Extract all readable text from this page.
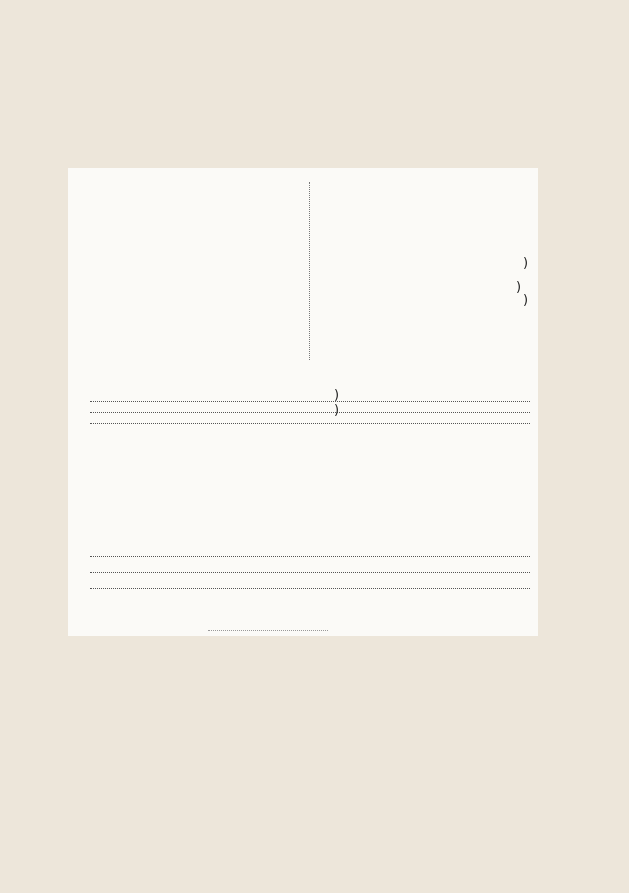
)
)
)
)
)
